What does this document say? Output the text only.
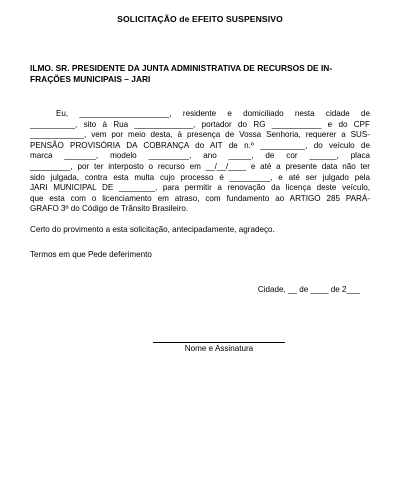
SOLICITAÇÃO de EFEITO SUSPENSIVO
ILMO. SR. PRESIDENTE DA JUNTA ADMINISTRATIVA DE RECURSOS DE IN-
FRAÇÕES MUNICIPAIS – JARI
Eu, ____________________, residente e domiciliado nesta cidade de
__________, sito à Rua _____________, portador do RG ___________ e do CPF
____________, vem por meio desta, à presença de Vossa Senhoria, requerer a SUS-
PENSÃO PROVISÓRIA DA COBRANÇA do AIT de n.º __________, do veículo de
marca _______, modelo _________, ano _____, de cor ______, placa
_________, por ter interposto o recurso em __/__/____ e até a presente data não ter
sido julgada, contra esta multa cujo processo é _________, e até ser julgado pela
JARI MUNICIPAL DE ________, para permitir a renovação da licença deste veículo,
que esta com o licenciamento em atraso, com fundamento ao ARTIGO 285 PARÁ-
GRAFO 3º do Código de Trânsito Brasileiro.

Certo do provimento a esta solicitação, antecipadamente, agradeço.

Termos em que Pede deferimento

Cidade, __ de ____ de 2___
Nome e Assinatura
